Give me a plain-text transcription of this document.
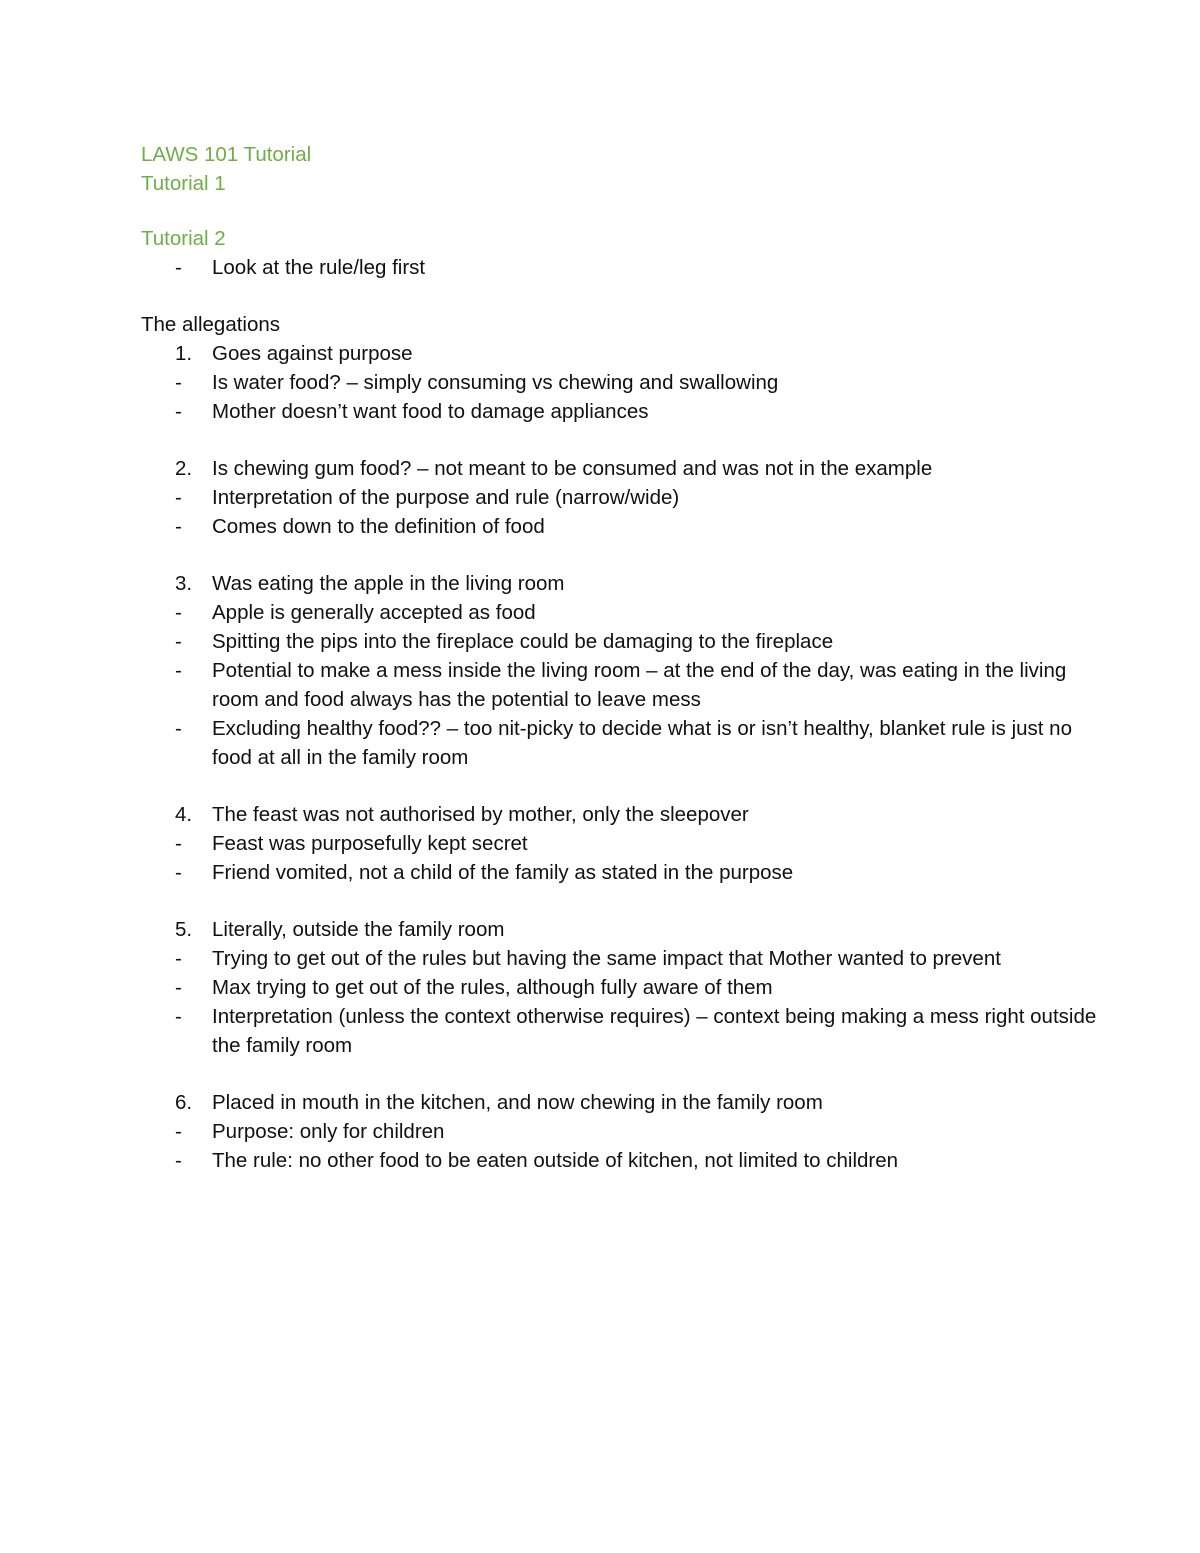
LAWS 101 Tutorial

Tutorial 1

Tutorial 2

-	Look at the rule/leg first

The allegations

1. Goes against purpose
-	Is water food? – simply consuming vs chewing and swallowing
-	Mother doesn’t want food to damage appliances
2. Is chewing gum food? – not meant to be consumed and was not in the example
-	Interpretation of the purpose and rule (narrow/wide)
-	Comes down to the definition of food
3. Was eating the apple in the living room
-	Apple is generally accepted as food
-	Spitting the pips into the fireplace could be damaging to the fireplace
-	Potential to make a mess inside the living room – at the end of the day, was eating in the living room and food always has the potential to leave mess
-	Excluding healthy food?? – too nit-picky to decide what is or isn’t healthy, blanket rule is just no food at all in the family room
4. The feast was not authorised by mother, only the sleepover
-	Feast was purposefully kept secret
-	Friend vomited, not a child of the family as stated in the purpose
5. Literally, outside the family room
-	Trying to get out of the rules but having the same impact that Mother wanted to prevent
-	Max trying to get out of the rules, although fully aware of them
-	Interpretation (unless the context otherwise requires) – context being making a mess right outside the family room
6. Placed in mouth in the kitchen, and now chewing in the family room
-	Purpose: only for children
-	The rule: no other food to be eaten outside of kitchen, not limited to children
